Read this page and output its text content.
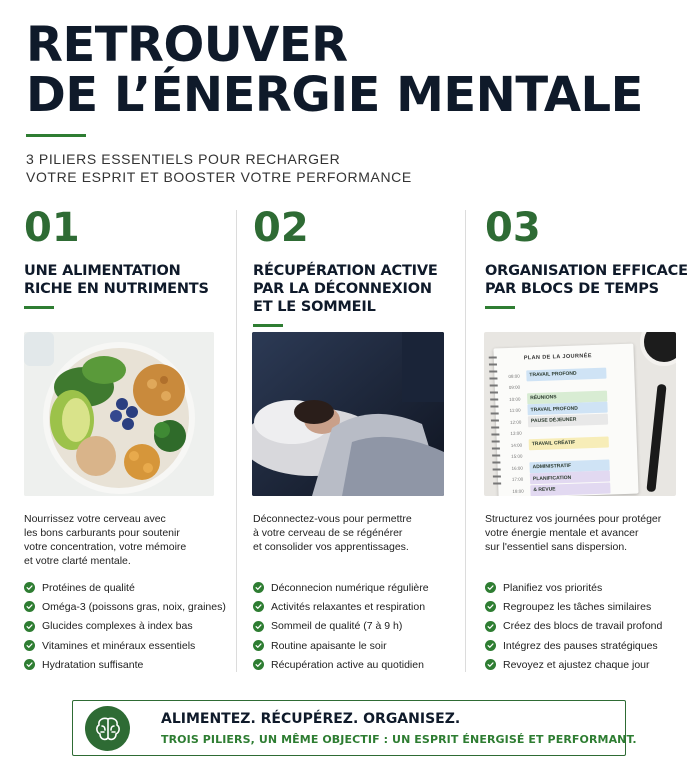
RETROUVER
DE L’ÉNERGIE MENTALE
3 PILIERS ESSENTIELS POUR RECHARGER
VOTRE ESPRIT ET BOOSTER VOTRE PERFORMANCE
01
UNE ALIMENTATION
RICHE EN NUTRIMENTS
02
RÉCUPÉRATION ACTIVE
PAR LA DÉCONNEXION
ET LE SOMMEIL
03
ORGANISATION EFFICACE
PAR BLOCS DE TEMPS
PLAN DE LA JOURNÉE
08:00	TRAVAIL PROFOND
09:00
10:00	RÉUNIONS
11:00	TRAVAIL PROFOND
12:00	PAUSE DÉJEUNER
13:00
14:00	TRAVAIL CRÉATIF
15:00
16:00	ADMINISTRATIF
17:00	PLANIFICATION
18:00	& REVUE
Nourrissez votre cerveau avec
les bons carburants pour soutenir
votre concentration, votre mémoire
et votre clarté mentale.
Déconnectez-vous pour permettre
à votre cerveau de se régénérer
et consolider vos apprentissages.
Structurez vos journées pour protéger
votre énergie mentale et avancer
sur l'essentiel sans dispersion.
Protéines de qualité
Oméga-3 (poissons gras, noix, graines)
Glucides complexes à index bas
Vitamines et minéraux essentiels
Hydratation suffisante
Déconnecion numérique régulière
Activités relaxantes et respiration
Sommeil de qualité (7 à 9 h)
Routine apaisante le soir
Récupération active au quotidien
Planifiez vos priorités
Regroupez les tâches similaires
Créez des blocs de travail profond
Intégrez des pauses stratégiques
Revoyez et ajustez chaque jour
ALIMENTEZ. RÉCUPÉREZ. ORGANISEZ.
TROIS PILIERS, UN MÊME OBJECTIF : UN ESPRIT ÉNERGISÉ ET PERFORMANT.
